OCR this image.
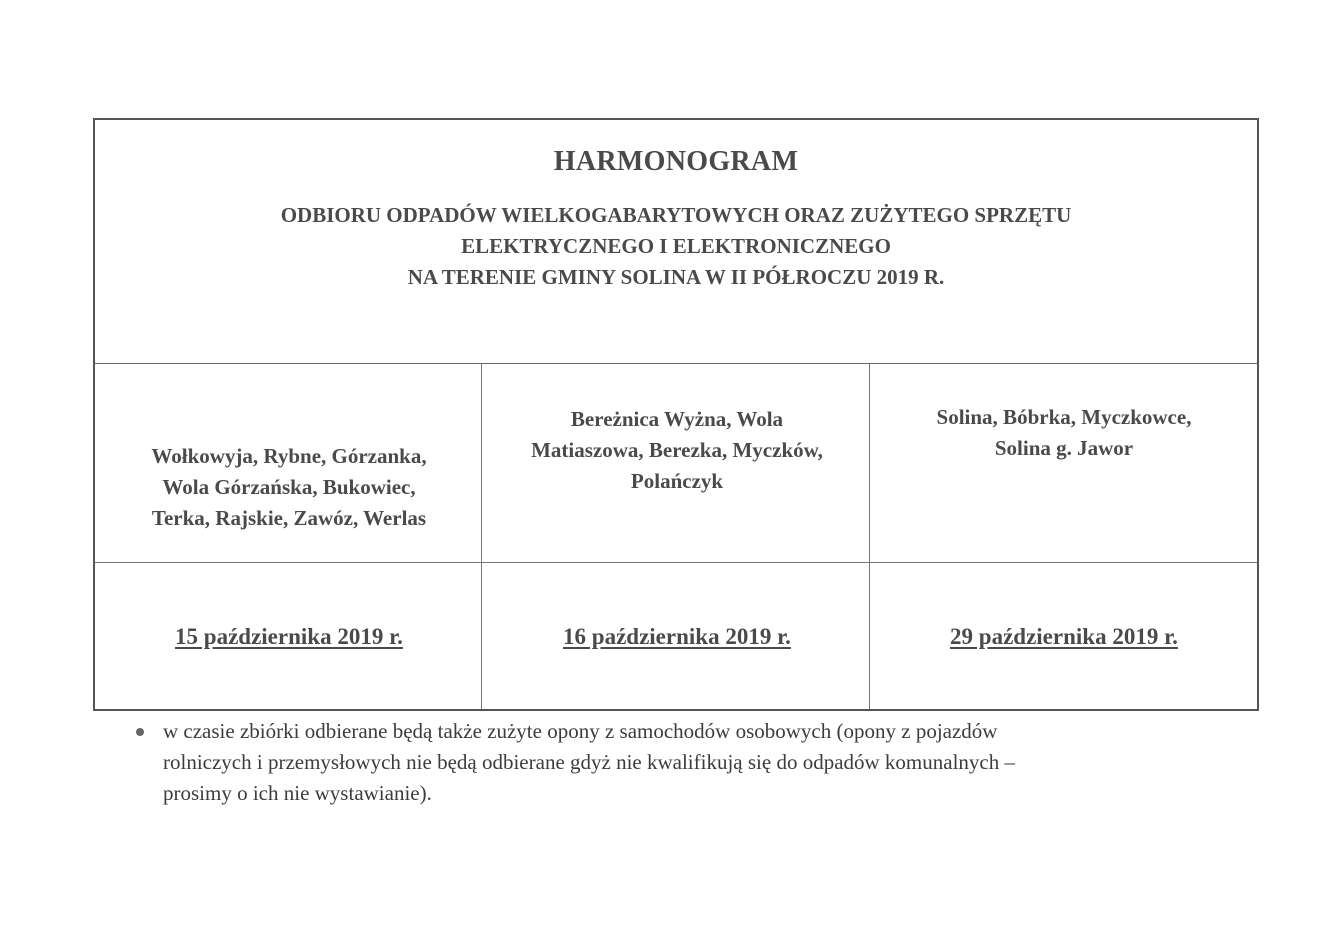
HARMONOGRAM
ODBIORU ODPADÓW WIELKOGABARYTOWYCH ORAZ ZUŻYTEGO SPRZĘTU
ELEKTRYCZNEGO I ELEKTRONICZNEGO
NA TERENIE GMINY SOLINA W II PÓŁROCZU 2019 R.
Wołkowyja, Rybne, Górzanka,
Wola Górzańska, Bukowiec,
Terka, Rajskie, Zawóz, Werlas
Bereżnica Wyżna, Wola
Matiaszowa, Berezka, Myczków,
Polańczyk
Solina, Bóbrka, Myczkowce,
Solina g. Jawor
15 października 2019 r.	16 października 2019 r.	29 października 2019 r.
w czasie zbiórki odbierane będą także zużyte opony z samochodów osobowych (opony z pojazdów
rolniczych i przemysłowych nie będą odbierane gdyż nie kwalifikują się do odpadów komunalnych –
prosimy o ich nie wystawianie).
